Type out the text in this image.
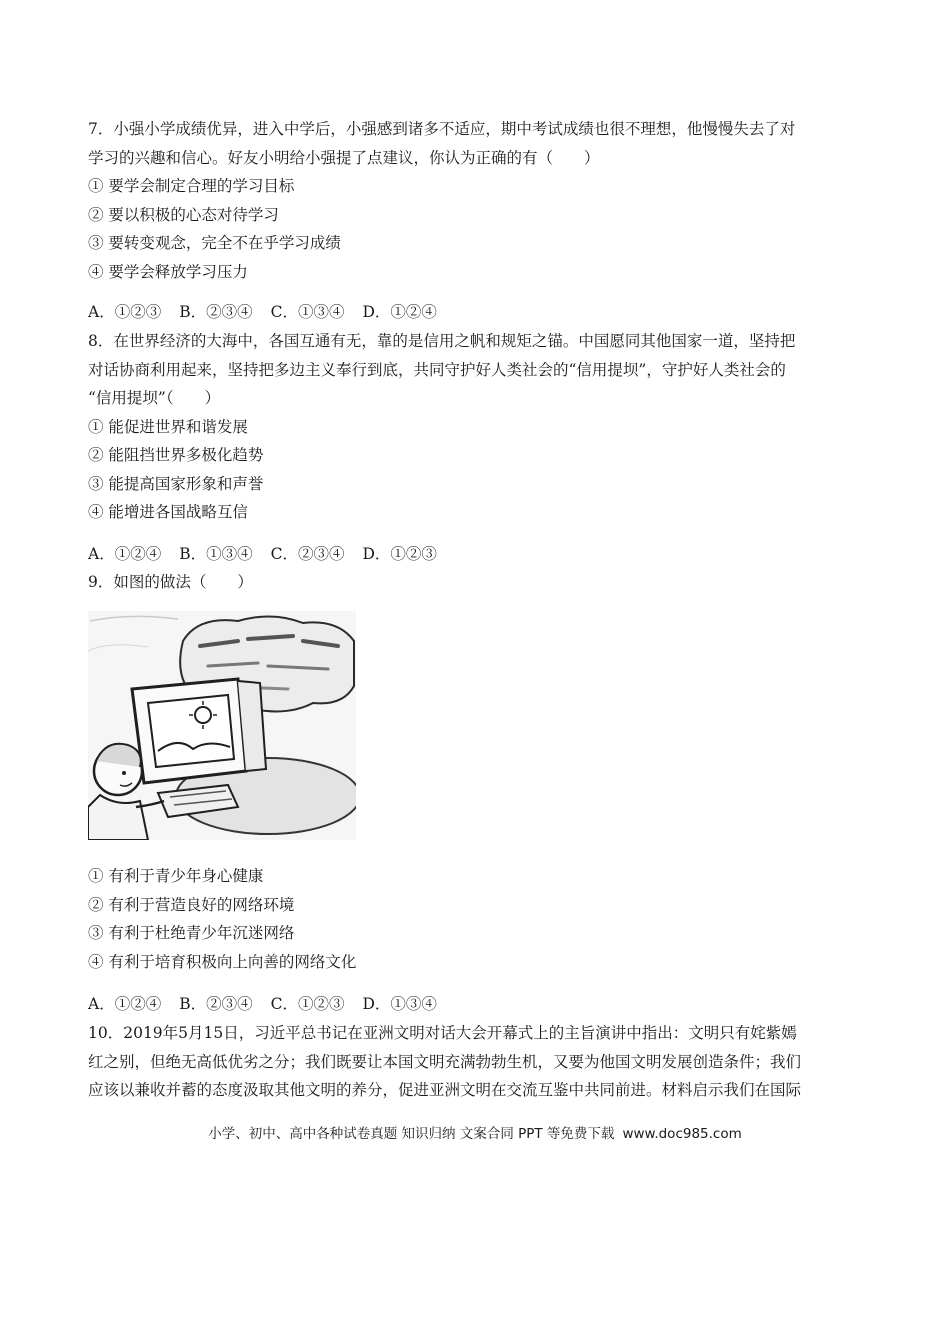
7．小强小学成绩优异，进入中学后，小强感到诸多不适应，期中考试成绩也很不理想，他慢慢失去了对

学习的兴趣和信心。好友小明给小强提了点建议，你认为正确的有（　　）

① 要学会制定合理的学习目标

② 要以积极的心态对待学习

③ 要转变观念，完全不在乎学习成绩

④ 要学会释放学习压力

A．①②③ B．②③④ C．①③④ D．①②④

8．在世界经济的大海中，各国互通有无，靠的是信用之帆和规矩之锚。中国愿同其他国家一道，坚持把

对话协商利用起来，坚持把多边主义奉行到底，共同守护好人类社会的“信用提坝”，守护好人类社会的

“信用提坝”（　　）

① 能促进世界和谐发展

② 能阻挡世界多极化趋势

③ 能提高国家形象和声誉

④ 能增进各国战略互信

A．①②④ B．①③④ C．②③④ D．①②③

9．如图的做法（　　）

① 有利于青少年身心健康

② 有利于营造良好的网络环境

③ 有利于杜绝青少年沉迷网络

④ 有利于培育积极向上向善的网络文化

A．①②④ B．②③④ C．①②③ D．①③④

10．2019年5月15日，习近平总书记在亚洲文明对话大会开幕式上的主旨演讲中指出：文明只有姹紫嫣

红之别，但绝无高低优劣之分；我们既要让本国文明充满勃勃生机，又要为他国文明发展创造条件；我们

应该以兼收并蓄的态度汲取其他文明的养分，促进亚洲文明在交流互鉴中共同前进。材料启示我们在国际

小学、初中、高中各种试卷真题 知识归纳 文案合同 PPT 等免费下载 www.doc985.com
